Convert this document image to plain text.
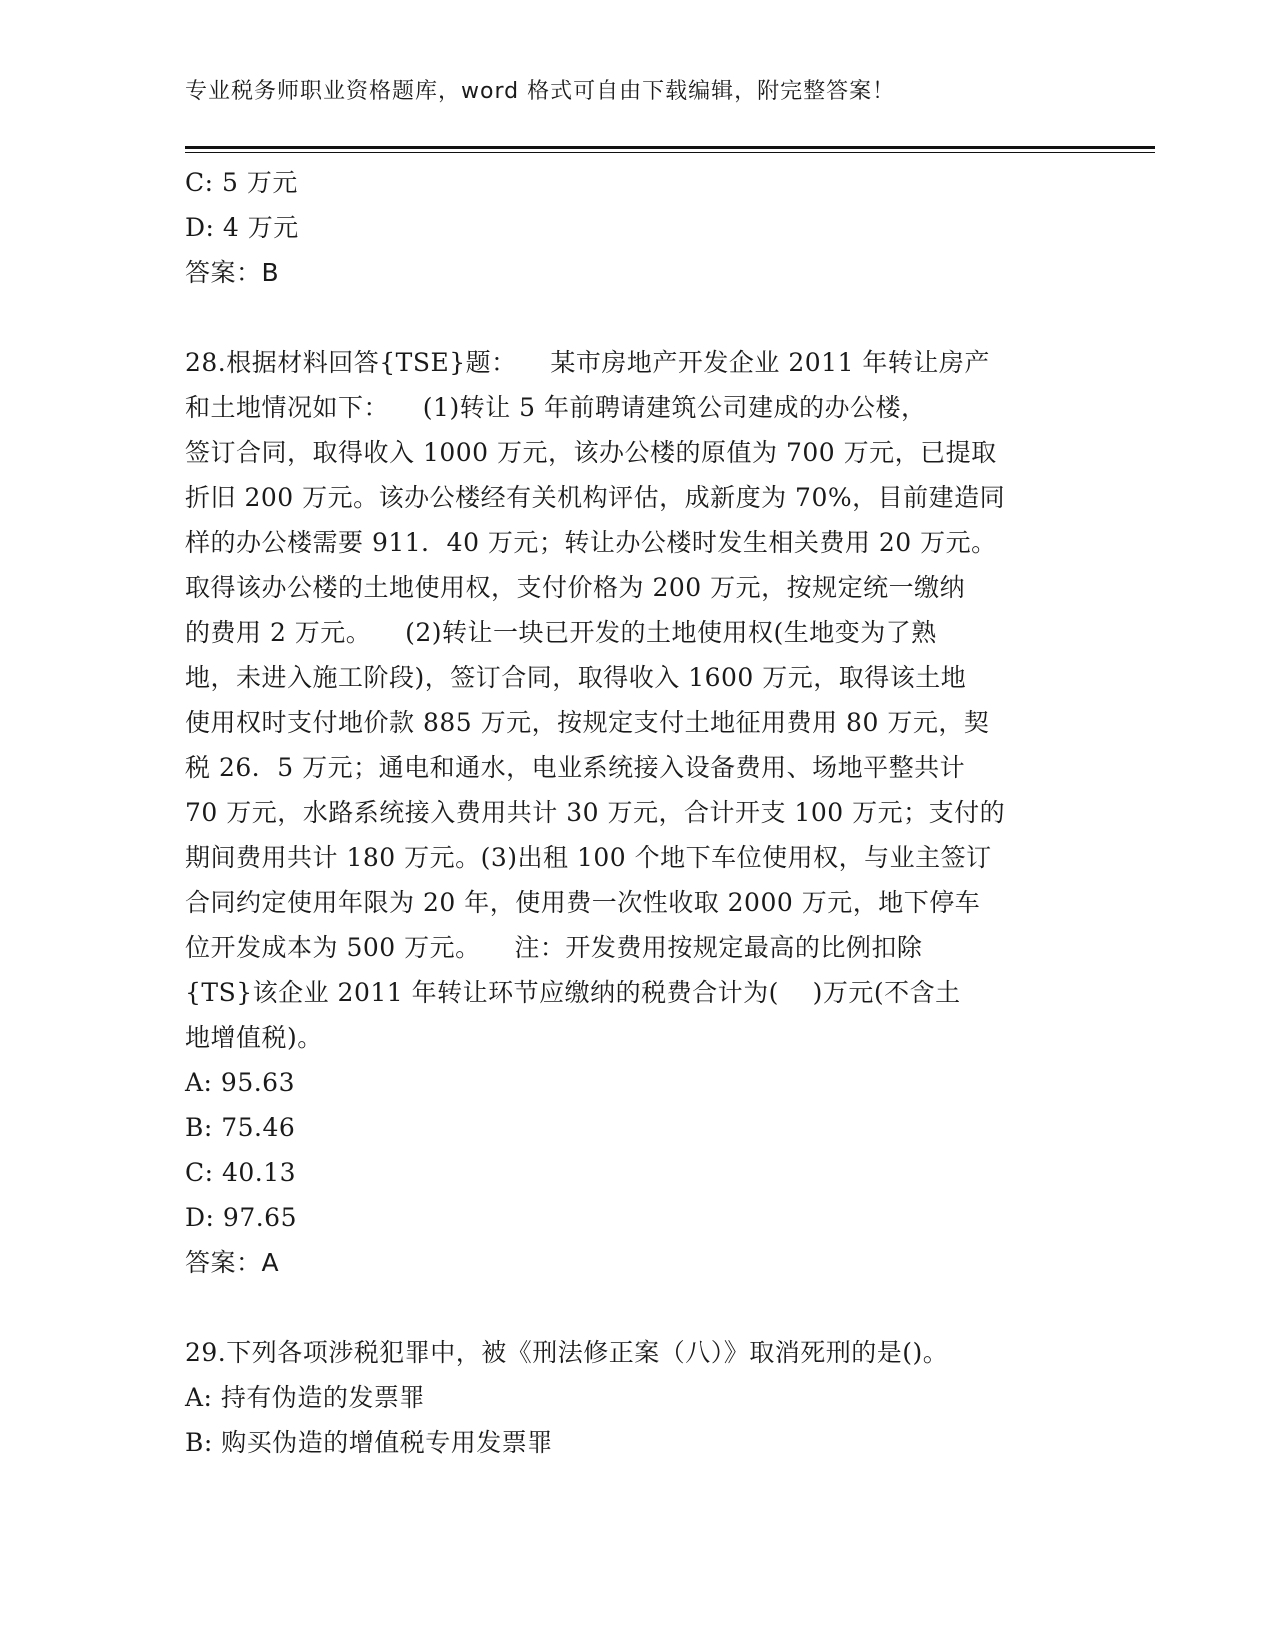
专业税务师职业资格题库，word 格式可自由下载编辑，附完整答案！
C: 5 万元
D: 4 万元
答案：B
28.根据材料回答{TSE}题：    某市房地产开发企业 2011 年转让房产
和土地情况如下：    (1)转让 5 年前聘请建筑公司建成的办公楼，
签订合同，取得收入 1000 万元，该办公楼的原值为 700 万元，已提取
折旧 200 万元。该办公楼经有关机构评估，成新度为 70%，目前建造同
样的办公楼需要 911．40 万元；转让办公楼时发生相关费用 20 万元。
取得该办公楼的土地使用权，支付价格为 200 万元，按规定统一缴纳
的费用 2 万元。    (2)转让一块已开发的土地使用权(生地变为了熟
地，未进入施工阶段)，签订合同，取得收入 1600 万元，取得该土地
使用权时支付地价款 885 万元，按规定支付土地征用费用 80 万元，契
税 26．5 万元；通电和通水，电业系统接入设备费用、场地平整共计
70 万元，水路系统接入费用共计 30 万元，合计开支 100 万元；支付的
期间费用共计 180 万元。(3)出租 100 个地下车位使用权，与业主签订
合同约定使用年限为 20 年，使用费一次性收取 2000 万元，地下停车
位开发成本为 500 万元。    注：开发费用按规定最高的比例扣除
{TS}该企业 2011 年转让环节应缴纳的税费合计为(    )万元(不含土
地增值税)。
A: 95.63
B: 75.46
C: 40.13
D: 97.65
答案：A
29.下列各项涉税犯罪中，被《刑法修正案（八）》取消死刑的是()。
A: 持有伪造的发票罪
B: 购买伪造的增值税专用发票罪
